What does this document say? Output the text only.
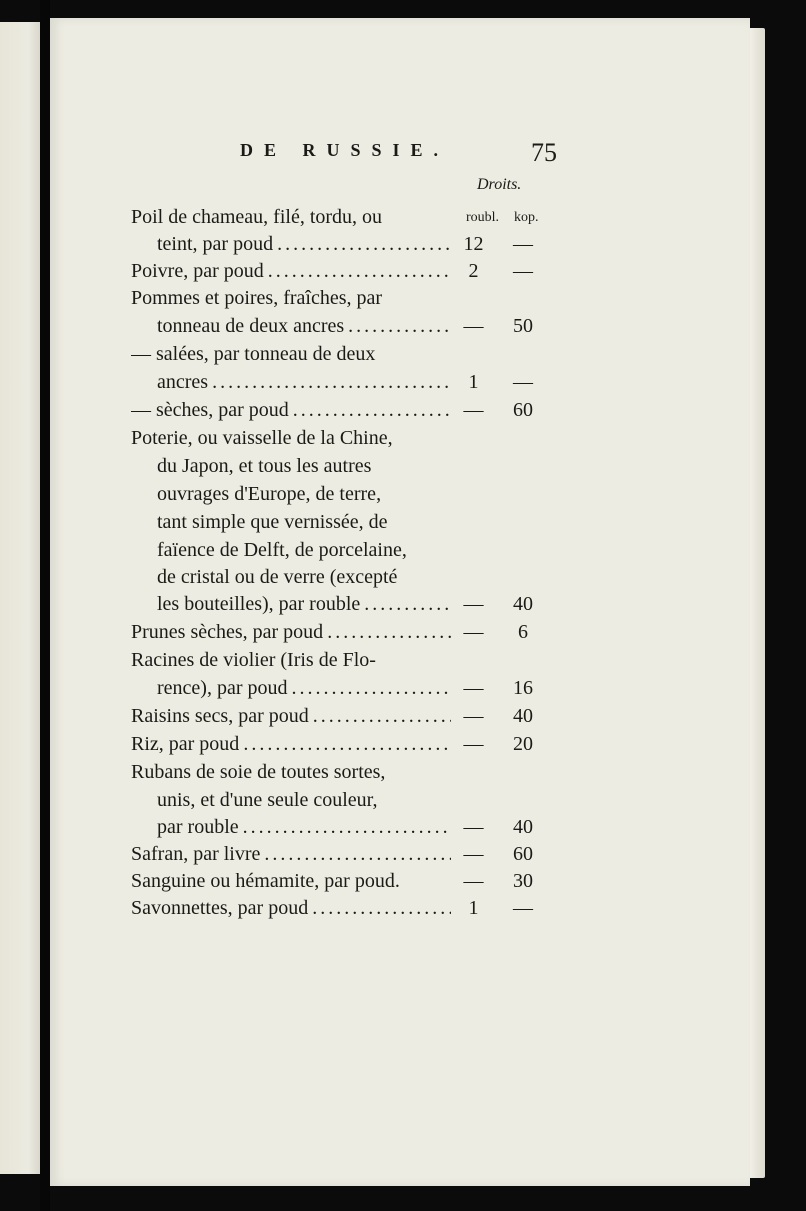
DE RUSSIE.	75
Droits.
roubl. kop.
Poil de chameau, filé, tordu, ou
teint, par poud . . .	12	—
Poivre, par poud . . .	2	—
Pommes et poires, fraîches, par
tonneau de deux ancres . . .	—	50
— salées, par tonneau de deux
ancres . . .	1	—
— sèches, par poud . . .	—	60
Poterie, ou vaisselle de la Chine,
du Japon, et tous les autres
ouvrages d'Europe, de terre,
tant simple que vernissée, de
faïence de Delft, de porcelaine,
de cristal ou de verre (excepté
les bouteilles), par rouble . . .	—	40
Prunes sèches, par poud . . .	—	6
Racines de violier (Iris de Flo-
rence), par poud . . .	—	16
Raisins secs, par poud . . .	—	40
Riz, par poud . . .	—	20
Rubans de soie de toutes sortes,
unis, et d'une seule couleur,
par rouble . . .	—	40
Safran, par livre . . .	—	60
Sanguine ou hémamite, par poud.	—	30
Savonnettes, par poud . . .	1	—
